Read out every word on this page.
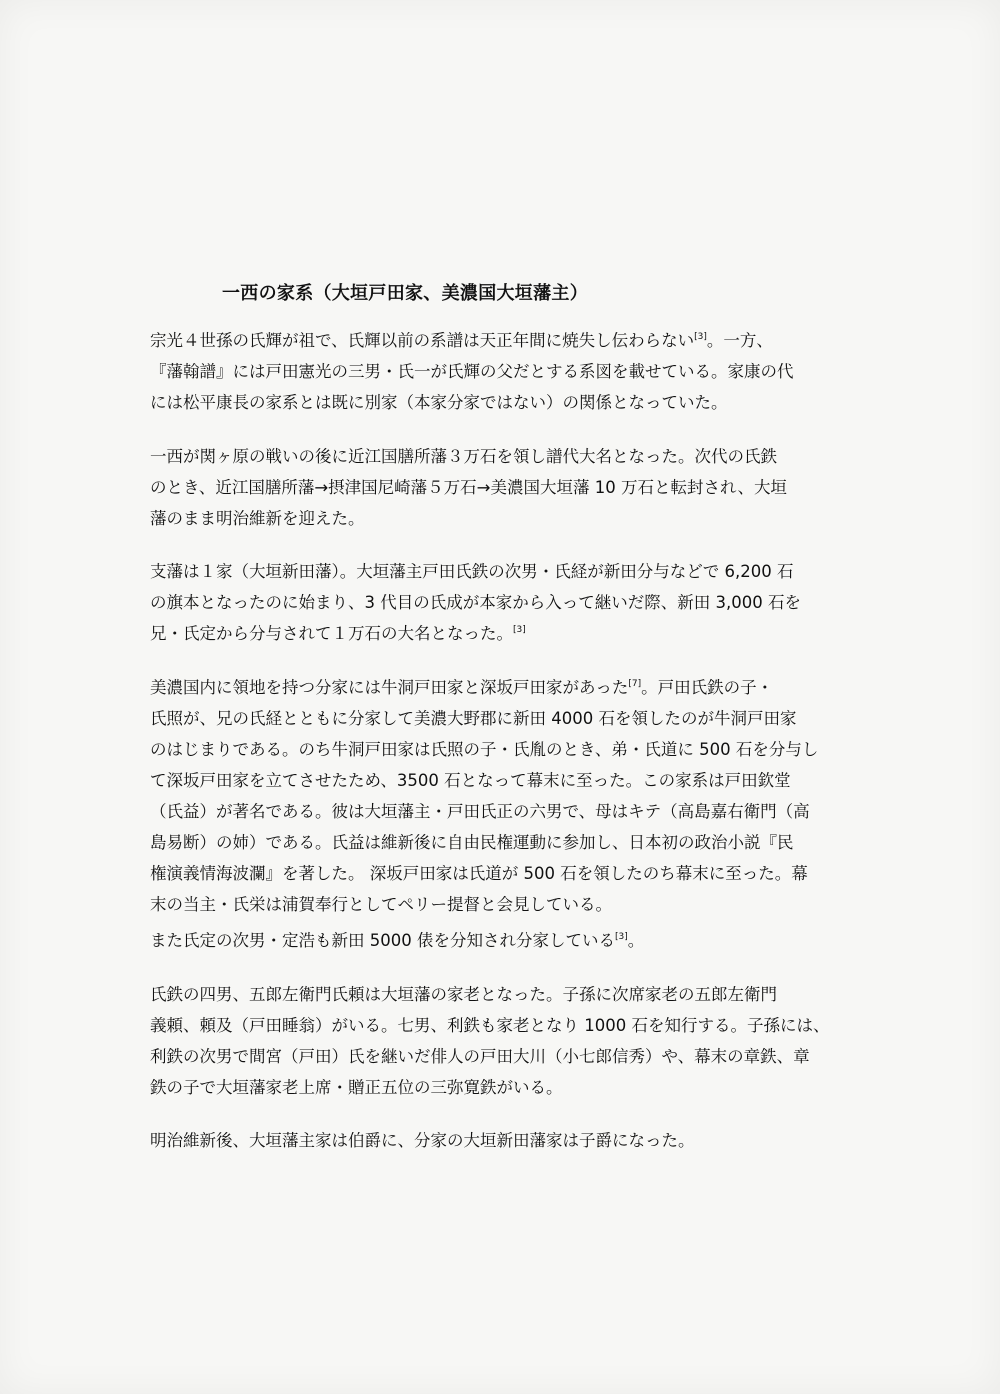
一西の家系（大垣戸田家、美濃国大垣藩主）
宗光４世孫の氏輝が祖で、氏輝以前の系譜は天正年間に焼失し伝わらない[3]。一方、
『藩翰譜』には戸田憲光の三男・氏一が氏輝の父だとする系図を載せている。家康の代
には松平康長の家系とは既に別家（本家分家ではない）の関係となっていた。
一西が関ヶ原の戦いの後に近江国膳所藩３万石を領し譜代大名となった。次代の氏鉄
のとき、近江国膳所藩→摂津国尼崎藩５万石→美濃国大垣藩 10 万石と転封され、大垣
藩のまま明治維新を迎えた。
支藩は１家（大垣新田藩）。大垣藩主戸田氏鉄の次男・氏経が新田分与などで 6,200 石
の旗本となったのに始まり、3 代目の氏成が本家から入って継いだ際、新田 3,000 石を
兄・氏定から分与されて１万石の大名となった。[3]
美濃国内に領地を持つ分家には牛洞戸田家と深坂戸田家があった[7]。戸田氏鉄の子・
氏照が、兄の氏経とともに分家して美濃大野郡に新田 4000 石を領したのが牛洞戸田家
のはじまりである。のち牛洞戸田家は氏照の子・氏胤のとき、弟・氏道に 500 石を分与し
て深坂戸田家を立てさせたため、3500 石となって幕末に至った。この家系は戸田欽堂
（氏益）が著名である。彼は大垣藩主・戸田氏正の六男で、母はキテ（高島嘉右衛門（高
島易断）の姉）である。氏益は維新後に自由民権運動に参加し、日本初の政治小説『民
権演義情海波瀾』を著した。 深坂戸田家は氏道が 500 石を領したのち幕末に至った。幕
末の当主・氏栄は浦賀奉行としてペリー提督と会見している。
また氏定の次男・定浩も新田 5000 俵を分知され分家している[3]。
氏鉄の四男、五郎左衛門氏頼は大垣藩の家老となった。子孫に次席家老の五郎左衛門
義頼、頼及（戸田睡翁）がいる。七男、利鉄も家老となり 1000 石を知行する。子孫には、
利鉄の次男で間宮（戸田）氏を継いだ俳人の戸田大川（小七郎信秀）や、幕末の章鉄、章
鉄の子で大垣藩家老上席・贈正五位の三弥寛鉄がいる。
明治維新後、大垣藩主家は伯爵に、分家の大垣新田藩家は子爵になった。
